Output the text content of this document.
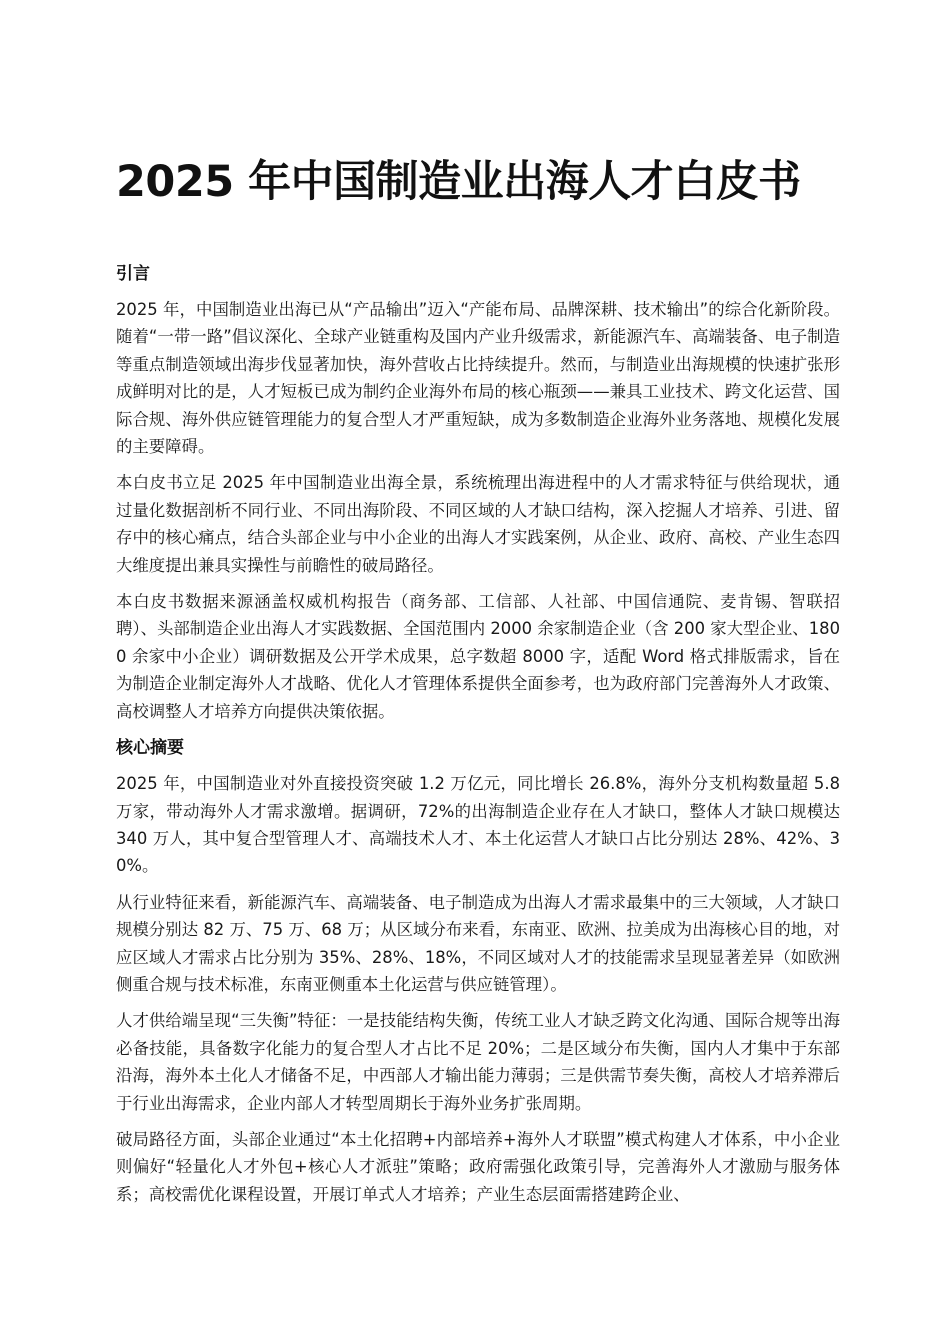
2025 年中国制造业出海人才白皮书
引言

2025 年，中国制造业出海已从“产品输出”迈入“产能布局、品牌深耕、技术输出”的综合化新阶段。随着“一带一路”倡议深化、全球产业链重构及国内产业升级需求，新能源汽车、高端装备、电子制造等重点制造领域出海步伐显著加快，海外营收占比持续提升。然而，与制造业出海规模的快速扩张形成鲜明对比的是，人才短板已成为制约企业海外布局的核心瓶颈——兼具工业技术、跨文化运营、国际合规、海外供应链管理能力的复合型人才严重短缺，成为多数制造企业海外业务落地、规模化发展的主要障碍。

本白皮书立足 2025 年中国制造业出海全景，系统梳理出海进程中的人才需求特征与供给现状，通过量化数据剖析不同行业、不同出海阶段、不同区域的人才缺口结构，深入挖掘人才培养、引进、留存中的核心痛点，结合头部企业与中小企业的出海人才实践案例，从企业、政府、高校、产业生态四大维度提出兼具实操性与前瞻性的破局路径。

本白皮书数据来源涵盖权威机构报告（商务部、工信部、人社部、中国信通院、麦肯锡、智联招聘）、头部制造企业出海人才实践数据、全国范围内 2000 余家制造企业（含 200 家大型企业、1800 余家中小企业）调研数据及公开学术成果，总字数超 8000 字，适配 Word 格式排版需求，旨在为制造企业制定海外人才战略、优化人才管理体系提供全面参考，也为政府部门完善海外人才政策、高校调整人才培养方向提供决策依据。

核心摘要

2025 年，中国制造业对外直接投资突破 1.2 万亿元，同比增长 26.8%，海外分支机构数量超 5.8 万家，带动海外人才需求激增。据调研，72%的出海制造企业存在人才缺口，整体人才缺口规模达 340 万人，其中复合型管理人才、高端技术人才、本土化运营人才缺口占比分别达 28%、42%、30%。

从行业特征来看，新能源汽车、高端装备、电子制造成为出海人才需求最集中的三大领域，人才缺口规模分别达 82 万、75 万、68 万；从区域分布来看，东南亚、欧洲、拉美成为出海核心目的地，对应区域人才需求占比分别为 35%、28%、18%，不同区域对人才的技能需求呈现显著差异（如欧洲侧重合规与技术标准，东南亚侧重本土化运营与供应链管理）。

人才供给端呈现“三失衡”特征：一是技能结构失衡，传统工业人才缺乏跨文化沟通、国际合规等出海必备技能，具备数字化能力的复合型人才占比不足 20%；二是区域分布失衡，国内人才集中于东部沿海，海外本土化人才储备不足，中西部人才输出能力薄弱；三是供需节奏失衡，高校人才培养滞后于行业出海需求，企业内部人才转型周期长于海外业务扩张周期。

破局路径方面，头部企业通过“本土化招聘+内部培养+海外人才联盟”模式构建人才体系，中小企业则偏好“轻量化人才外包+核心人才派驻”策略；政府需强化政策引导，完善海外人才激励与服务体系；高校需优化课程设置，开展订单式人才培养；产业生态层面需搭建跨企业、
